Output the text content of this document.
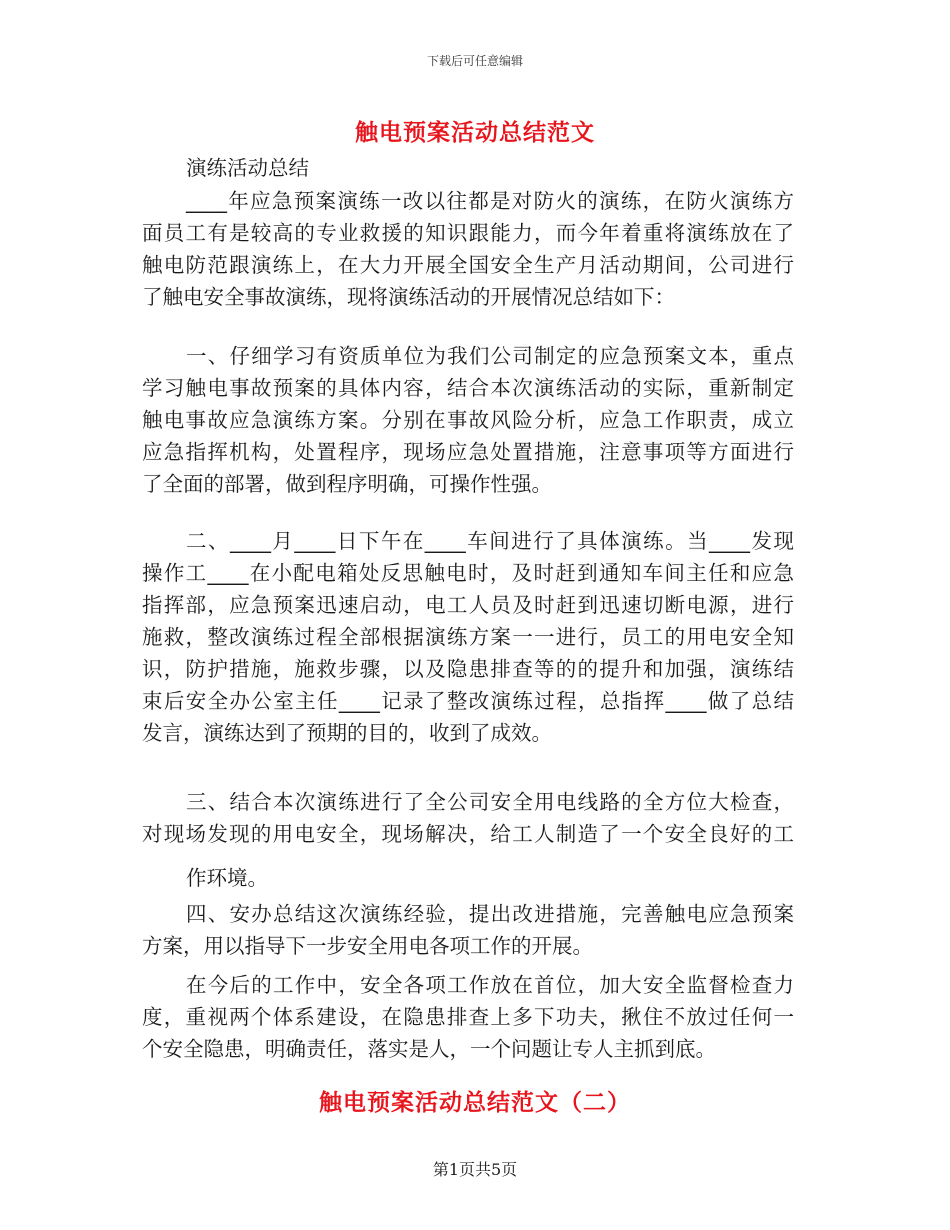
下载后可任意编辑
触电预案活动总结范文
演练活动总结
____年应急预案演练一改以往都是对防火的演练，在防火演练方
面员工有是较高的专业救援的知识跟能力，而今年着重将演练放在了
触电防范跟演练上，在大力开展全国安全生产月活动期间，公司进行
了触电安全事故演练，现将演练活动的开展情况总结如下：
一、仔细学习有资质单位为我们公司制定的应急预案文本，重点
学习触电事故预案的具体内容，结合本次演练活动的实际，重新制定
触电事故应急演练方案。分别在事故风险分析，应急工作职责，成立
应急指挥机构，处置程序，现场应急处置措施，注意事项等方面进行
了全面的部署，做到程序明确，可操作性强。
二、____月____日下午在____车间进行了具体演练。当____发现
操作工____在小配电箱处反思触电时，及时赶到通知车间主任和应急
指挥部，应急预案迅速启动，电工人员及时赶到迅速切断电源，进行
施救，整改演练过程全部根据演练方案一一进行，员工的用电安全知
识，防护措施，施救步骤，以及隐患排查等的的提升和加强，演练结
束后安全办公室主任____记录了整改演练过程，总指挥____做了总结
发言，演练达到了预期的目的，收到了成效。
三、结合本次演练进行了全公司安全用电线路的全方位大检查，
对现场发现的用电安全，现场解决，给工人制造了一个安全良好的工
作环境。
四、安办总结这次演练经验，提出改进措施，完善触电应急预案
方案，用以指导下一步安全用电各项工作的开展。
在今后的工作中，安全各项工作放在首位，加大安全监督检查力
度，重视两个体系建设，在隐患排查上多下功夫，揪住不放过任何一
个安全隐患，明确责任，落实是人，一个问题让专人主抓到底。
触电预案活动总结范文（二）
第1页共5页
